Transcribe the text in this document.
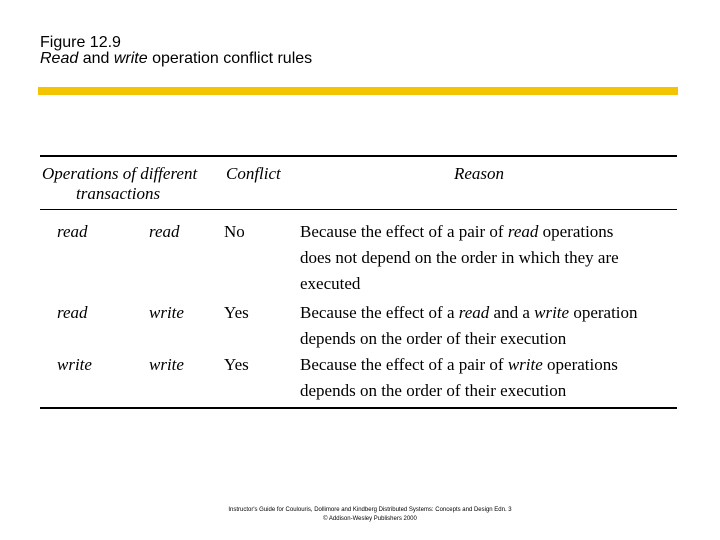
Figure 12.9
Read and write operation conflict rules
Operations of different
transactions
Conflict	Reason
read	read	No	Because the effect of a pair of read operations
does not depend on the order in which they are
executed
read	write Yes	Because the effect of a read and a write operation
depends on the order of their execution
write	write Yes	Because the effect of a pair of write operations
depends on the order of their execution
Instructor's Guide for Coulouris, Dollimore and Kindberg Distributed Systems: Concepts and Design Edn. 3
© Addison-Wesley Publishers 2000
